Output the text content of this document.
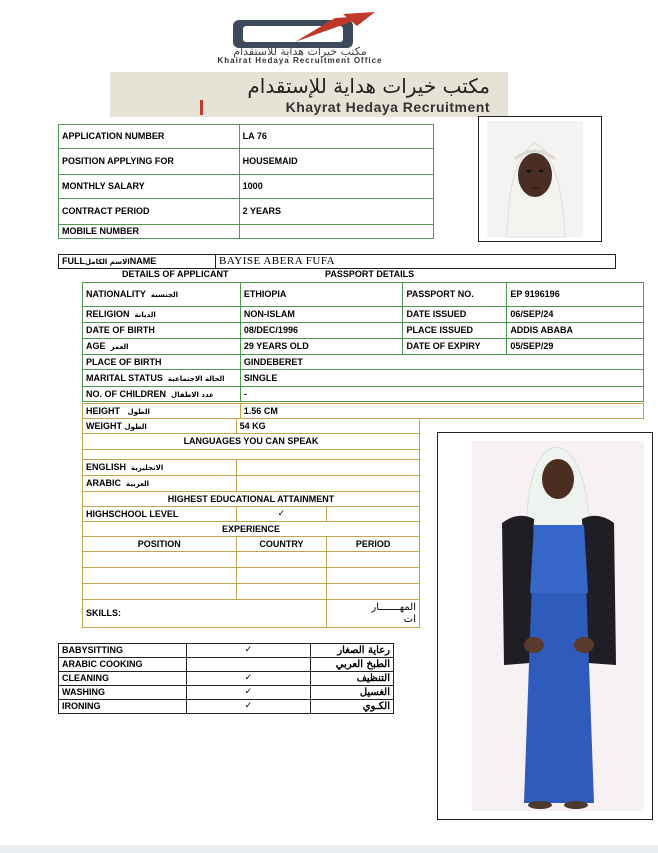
مكتب خيرات هداية للاستقدام
Khairat Hedaya Recruitment Office
مكتب خيرات هداية للإستقدام
Khayrat Hedaya Recruitment
APPLICATION NUMBER	LA 76
POSITION APPLYING FOR	HOUSEMAID
MONTHLY SALARY	1000
CONTRACT PERIOD	2 YEARS
MOBILE NUMBER	
FULLالاسم الكاملNAME	BAYISE ABERA FUFA
DETAILS OF APPLICANT	PASSPORT DETAILS
NATIONALITY الجنسية	ETHIOPIA	PASSPORT NO.	EP 9196196
RELIGION الديانة	NON-ISLAM	DATE ISSUED	06/SEP/24
DATE OF BIRTH	08/DEC/1996	PLACE ISSUED	ADDIS ABABA
AGE العمر	29 YEARS OLD	DATE OF EXPIRY	05/SEP/29
PLACE OF BIRTH	GINDEBERET		
MARITAL STATUS الحالة الاجتماعية	SINGLE		
NO. OF CHILDREN عدد الاطفال	-		
HEIGHT الطول	1.56 CM
WEIGHT الطول	54 KG	
LANGUAGES YOU CAN SPEAK		

ENGLISH الانجليزية		
ARABIC العربية		
HIGHEST EDUCATIONAL ATTAINMENT		
HIGHSCHOOL LEVEL	✓	
EXPERIENCE		
POSITION	COUNTRY	PERIOD

SKILLS:		المهـــــــار
ات
BABYSITTING	✓	رعاية الصغار
ARABIC COOKING		الطبخ العربي
CLEANING	✓	التنظيف
WASHING	✓	الغسيل
IRONING	✓	الكـوي
